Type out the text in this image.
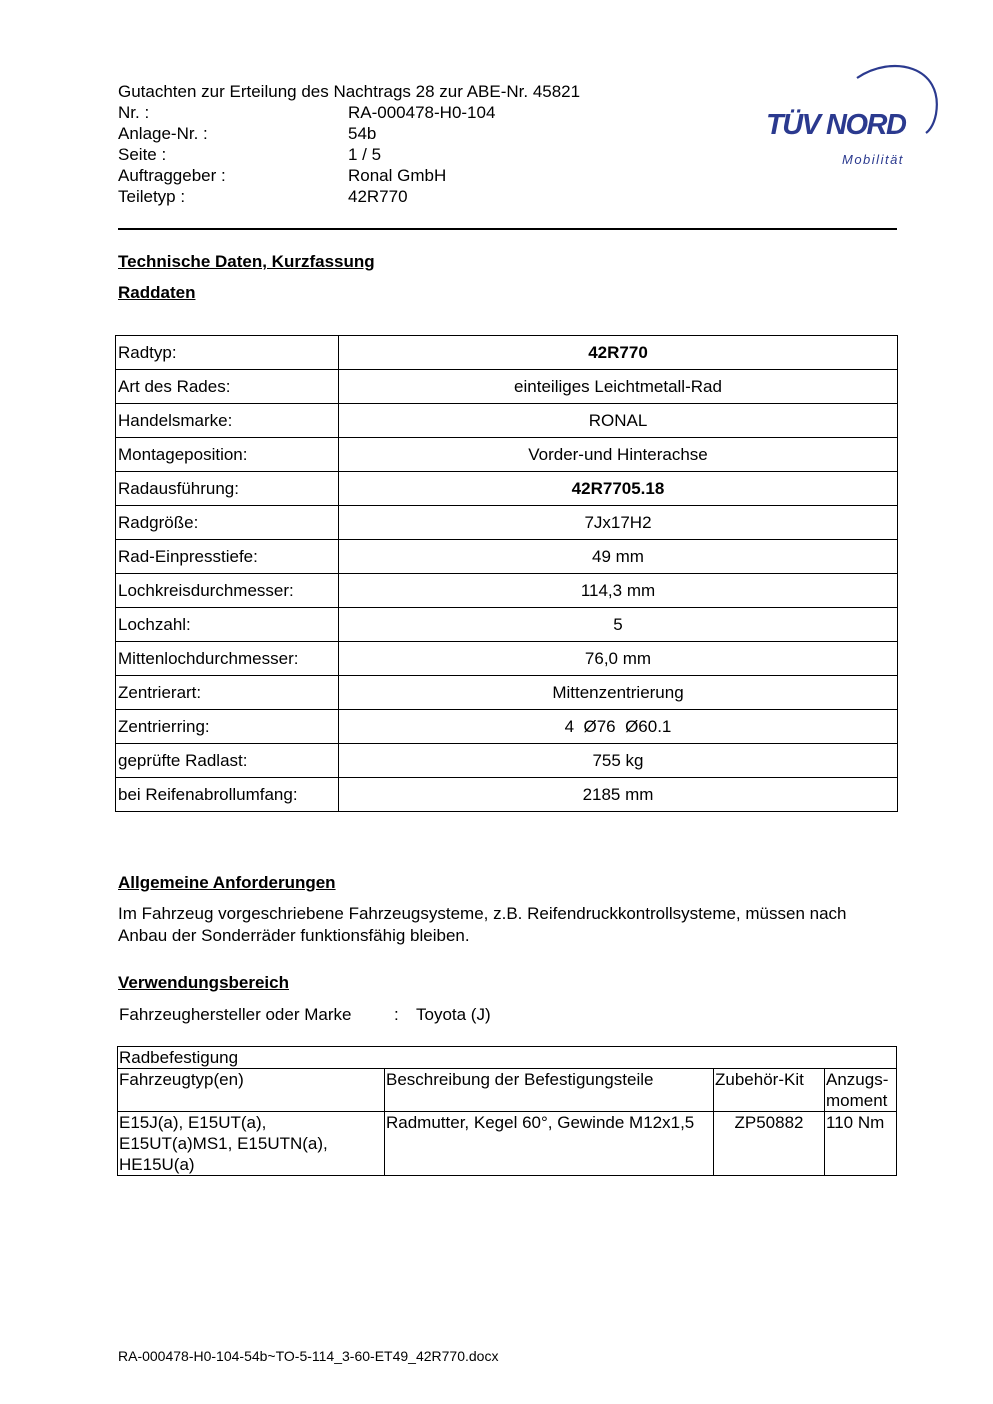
Gutachten zur Erteilung des Nachtrags 28 zur ABE-Nr. 45821
Nr. :	RA-000478-H0-104
Anlage-Nr. :	54b
Seite :	1 / 5
Auftraggeber :	Ronal GmbH
Teiletyp :	42R770
TÜV NORD
Mobilität
Technische Daten, Kurzfassung
Raddaten
Radtyp:	42R770
Art des Rades:	einteiliges Leichtmetall-Rad
Handelsmarke:	RONAL
Montageposition:	Vorder-und Hinterachse
Radausführung:	42R7705.18
Radgröße:	7Jx17H2
Rad-Einpresstiefe:	49 mm
Lochkreisdurchmesser:	114,3 mm
Lochzahl:	5
Mittenlochdurchmesser:	76,0 mm
Zentrierart:	Mittenzentrierung
Zentrierring:	4  Ø76  Ø60.1
geprüfte Radlast:	755 kg
bei Reifenabrollumfang:	2185 mm
Allgemeine Anforderungen
Im Fahrzeug vorgeschriebene Fahrzeugsysteme, z.B. Reifendruckkontrollsysteme, müssen nach Anbau der Sonderräder funktionsfähig bleiben.
Verwendungsbereich
Fahrzeughersteller oder Marke	:	Toyota (J)
Radbefestigung			
Fahrzeugtyp(en)	Beschreibung der Befestigungsteile	Zubehör-Kit	Anzugs-moment
E15J(a), E15UT(a), E15UT(a)MS1, E15UTN(a), HE15U(a)	Radmutter, Kegel 60°, Gewinde M12x1,5	ZP50882	110 Nm
RA-000478-H0-104-54b~TO-5-114_3-60-ET49_42R770.docx
